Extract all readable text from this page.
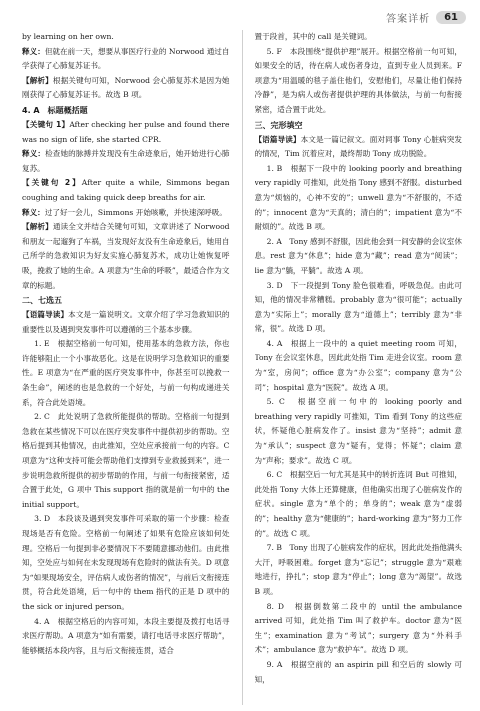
答案详析	61

by learning on her own.

释义：但就在前一天，想要从事医疗行业的 Norwood 通过自学获得了心肺复苏证书。

【解析】根据关键句可知，Norwood 会心肺复苏术是因为她刚获得了心肺复苏证书。故选 B 项。

4. A　标题概括题

【关键句 1】After checking her pulse and found there was no sign of life, she started CPR.

释义：检查她的脉搏并发现没有生命迹象后，她开始进行心肺复苏。

【关键句 2】After quite a while, Simmons began coughing and taking quick deep breaths for air.

释义：过了好一会儿，Simmons 开始咳嗽，并快速深呼吸。

【解析】通读全文并结合关键句可知，文章讲述了 Norwood 和朋友一起遛狗了车祸，当发现好友没有生命迹象后，她用自己所学的急救知识为好友实施心肺复苏术，成功让她恢复呼吸，挽救了她的生命。A 项意为“生命的呼吸”，最适合作为文章的标题。

二、七选五

【语篇导读】本文是一篇说明文。文章介绍了学习急救知识的重要性以及遇到突发事件可以遵循的三个基本步骤。

1. E　根据空格前一句可知，使用基本的急救方法，你也许能够阻止一个小事故恶化。这是在说明学习急救知识的重要性。E 项意为“在严重的医疗突发事件中，你甚至可以挽救一条生命”，阐述的也是急救的一个好处，与前一句构成递进关系，符合此处语境。

2. C　此处说明了急救所能提供的帮助。空格前一句提到急救在某些情况下可以在医疗突发事件中提供初步的帮助。空格后提到其他情况，由此推知，空处应承接前一句的内容。C 项意为“这种支持可能会帮助他们支撑到专业救援到来”，进一步说明急救所提供的初步帮助的作用，与前一句衔接紧密，适合置于此处，G 项中 This support 指的就是前一句中的 the initial support。

3. D　本段谈及遇到突发事件可采取的第一个步骤：检查现场是否有危险。空格前一句阐述了如果有危险应该如何处理。空格后一句提到非必要情况下不要随意挪动他们。由此推知，空处应与如何在未发现现场有危险时的做法有关。D 项意为“如果现场安全，评估病人或伤者的情况”，与前后文衔接连贯，符合此处语境，后一句中的 them 指代的正是 D 项中的 the sick or injured person。

4. A　根据空格后的内容可知，本段主要提及拨打电话寻求医疗帮助。A 项意为“如有需要，请打电话寻求医疗帮助”，能够概括本段内容，且与后文衔接连贯，适合

置于段首，其中的 call 是关键词。

5. F　本段围绕“提供护理”展开。根据空格前一句可知，如果安全的话，待在病人或伤者身边，直到专业人员到来。F 项意为“用温暖的毯子盖住他们，安慰他们，尽量让他们保持冷静”，是为病人或伤者提供护理的具体做法，与前一句衔接紧密，适合置于此处。

三、完形填空

【语篇导读】本文是一篇记叙文。面对同事 Tony 心脏病突发的情况，Tim 沉着应对，最终帮助 Tony 成功脱险。

1. B　根据下一段中的 looking poorly and breathing very rapidly 可推知，此处指 Tony 感到不舒服。disturbed 意为“烦恼的，心神不安的”；unwell 意为“不舒服的，不适的”；innocent 意为“天真的；清白的”；impatient 意为“不耐烦的”。故选 B 项。

2. A　Tony 感到不舒服，因此他会到一间安静的会议室休息。rest 意为“休息”；hide 意为“藏”；read 意为“阅读”；lie 意为“躺，平躺”。故选 A 项。

3. D　下一段提到 Tony 脸色很难看，呼吸急促。由此可知，他的情况非常糟糕。probably 意为“很可能”；actually 意为“实际上”；morally 意为“道德上”；terribly 意为“非常，很”。故选 D 项。

4. A　根据上一段中的 a quiet meeting room 可知，Tony 在会议室休息，因此此处指 Tim 走进会议室。room 意为“室，房间”；office 意为“办公室”；company 意为“公司”；hospital 意为“医院”。故选 A 项。

5. C　根据空前一句中的 looking poorly and breathing very rapidly 可推知，Tim 看到 Tony 的这些症状，怀疑他心脏病发作了。insist 意为“坚持”；admit 意为“承认”；suspect 意为“疑有，觉得；怀疑”；claim 意为“声称；要求”。故选 C 项。

6. C　根据空后一句尤其是其中的转折连词 But 可推知，此处指 Tony 大体上还算健康，但他确实出现了心脏病发作的症状。single 意为“单个的；单身的”；weak 意为“虚弱的”；healthy 意为“健康的”；hard-working 意为“努力工作的”。故选 C 项。

7. B　Tony 出现了心脏病发作的症状，因此此处指他满头大汗，呼吸困难。forget 意为“忘记”；struggle 意为“艰难地进行，挣扎”；stop 意为“停止”；long 意为“渴望”。故选 B 项。

8. D　根据倒数第二段中的 until the ambulance arrived 可知，此处指 Tim 叫了救护车。doctor 意为“医生”；examination 意为“考试”；surgery 意为“外科手术”；ambulance 意为“救护车”。故选 D 项。

9. A　根据空前的 an aspirin pill 和空后的 slowly 可知，
